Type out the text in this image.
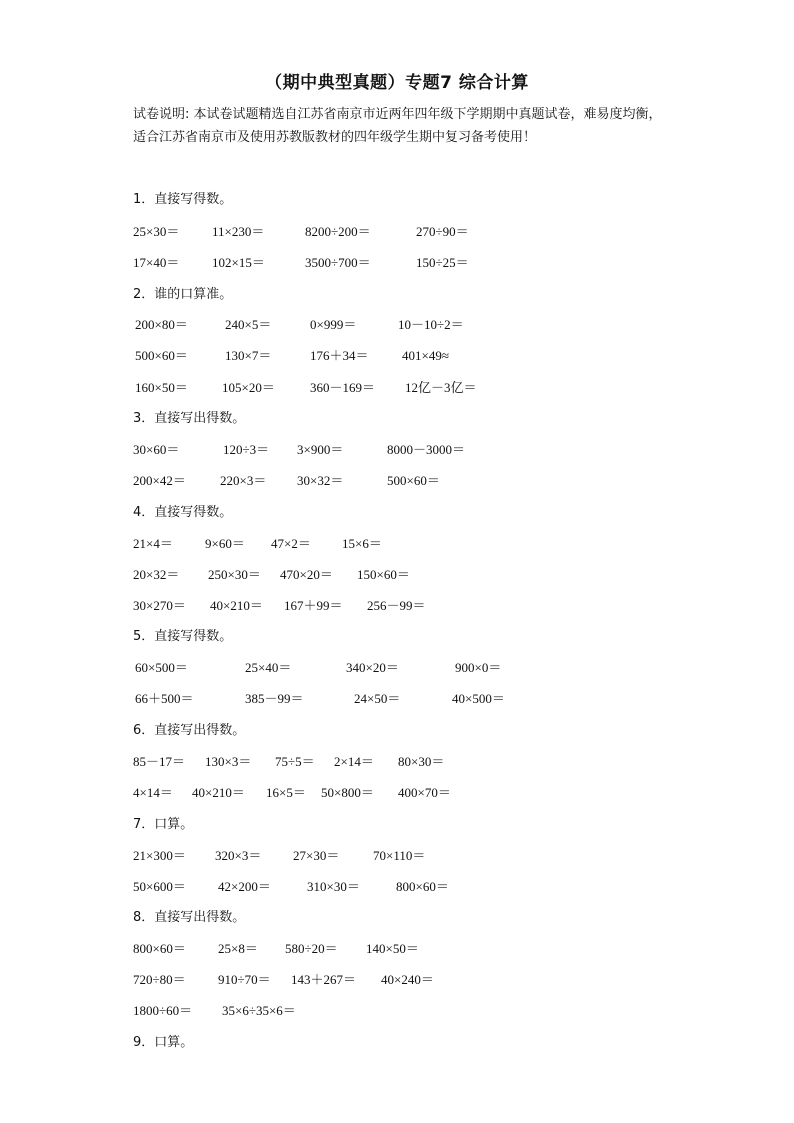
（期中典型真题）专题7 综合计算
试卷说明: 本试卷试题精选自江苏省南京市近两年四年级下学期期中真题试卷，难易度均衡，适合江苏省南京市及使用苏教版教材的四年级学生期中复习备考使用！
1．直接写得数。
25×30＝	11×230＝	8200÷200＝	270÷90＝
17×40＝	102×15＝	3500÷700＝	150÷25＝
2．谁的口算准。
200×80＝	240×5＝	0×999＝	10－10÷2＝
500×60＝	130×7＝	176＋34＝	401×49≈
160×50＝	105×20＝	360－169＝ 12亿－3亿＝
3．直接写出得数。
30×60＝	120÷3＝ 3×900＝	8000－3000＝
200×42＝	220×3＝ 30×32＝	500×60＝
4．直接写得数。
21×4＝ 9×60＝ 47×2＝ 15×6＝
20×32＝ 250×30＝ 470×20＝ 150×60＝
30×270＝ 40×210＝ 167＋99＝ 256－99＝
5．直接写得数。
60×500＝	25×40＝	340×20＝	900×0＝
66＋500＝	385－99＝	24×50＝	40×500＝
6．直接写出得数。
85－17＝ 130×3＝ 75÷5＝ 2×14＝ 80×30＝
4×14＝ 40×210＝ 16×5＝ 50×800＝ 400×70＝
7．口算。
21×300＝ 320×3＝ 27×30＝	70×110＝
50×600＝ 42×200＝	310×30＝	800×60＝
8．直接写出得数。
800×60＝ 25×8＝ 580÷20＝ 140×50＝
720÷80＝ 910÷70＝ 143＋267＝ 40×240＝
1800÷60＝ 35×6÷35×6＝
9．口算。
